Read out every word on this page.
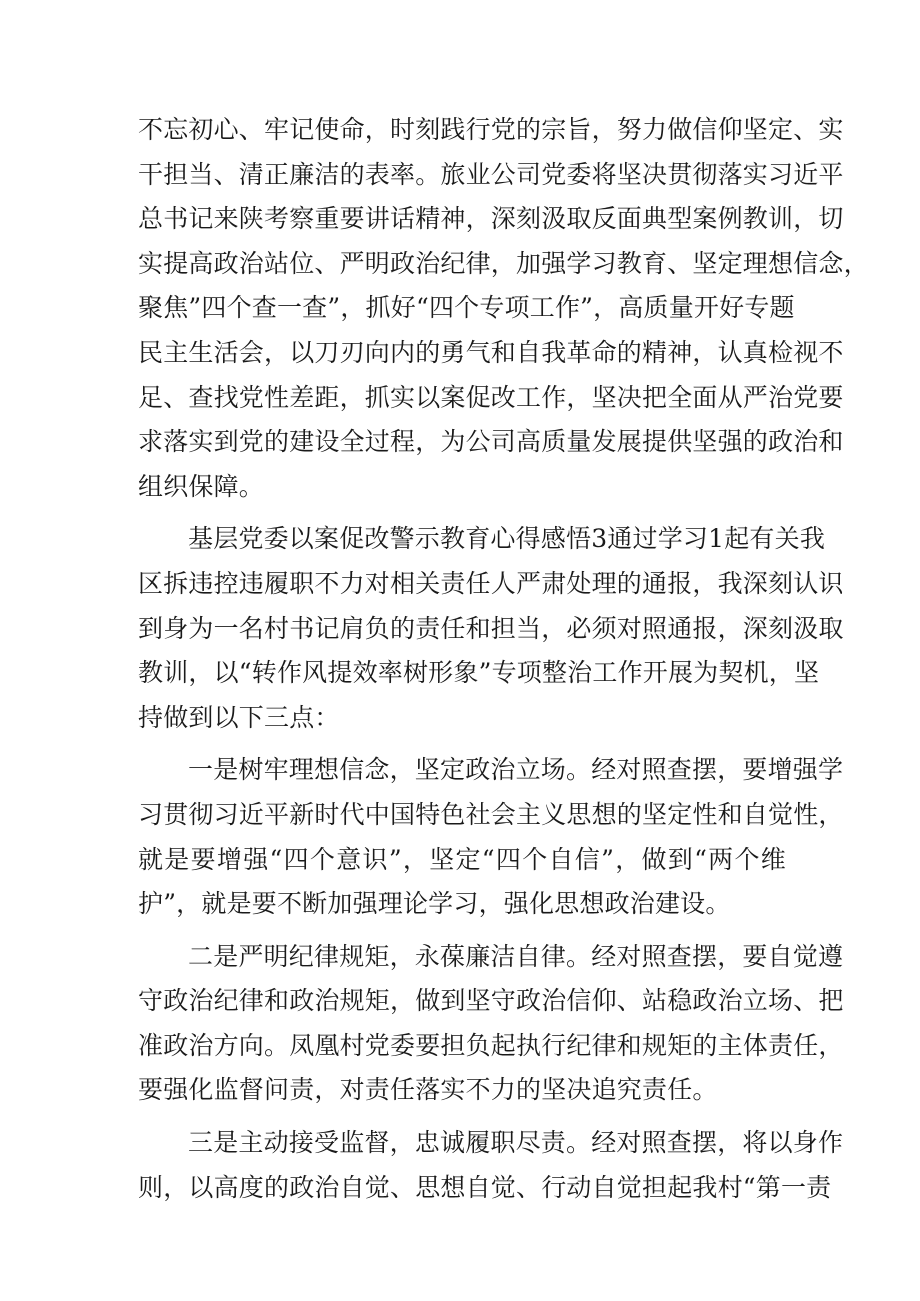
不忘初心、牢记使命，时刻践行党的宗旨，努力做信仰坚定、实
干担当、清正廉洁的表率。旅业公司党委将坚决贯彻落实习近平
总书记来陕考察重要讲话精神，深刻汲取反面典型案例教训，切
实提高政治站位、严明政治纪律，加强学习教育、坚定理想信念，
聚焦”四个查一查”，抓好“四个专项工作”，高质量开好专题
民主生活会，以刀刃向内的勇气和自我革命的精神，认真检视不
足、查找党性差距，抓实以案促改工作，坚决把全面从严治党要
求落实到党的建设全过程，为公司高质量发展提供坚强的政治和
组织保障。
基层党委以案促改警示教育心得感悟3通过学习1起有关我
区拆违控违履职不力对相关责任人严肃处理的通报，我深刻认识
到身为一名村书记肩负的责任和担当，必须对照通报，深刻汲取
教训，以“转作风提效率树形象”专项整治工作开展为契机，坚
持做到以下三点：
一是树牢理想信念，坚定政治立场。经对照查摆，要增强学
习贯彻习近平新时代中国特色社会主义思想的坚定性和自觉性，
就是要增强“四个意识”，坚定“四个自信”，做到“两个维
护”，就是要不断加强理论学习，强化思想政治建设。
二是严明纪律规矩，永葆廉洁自律。经对照查摆，要自觉遵
守政治纪律和政治规矩，做到坚守政治信仰、站稳政治立场、把
准政治方向。凤凰村党委要担负起执行纪律和规矩的主体责任，
要强化监督问责，对责任落实不力的坚决追究责任。
三是主动接受监督，忠诚履职尽责。经对照查摆，将以身作
则，以高度的政治自觉、思想自觉、行动自觉担起我村“第一责
